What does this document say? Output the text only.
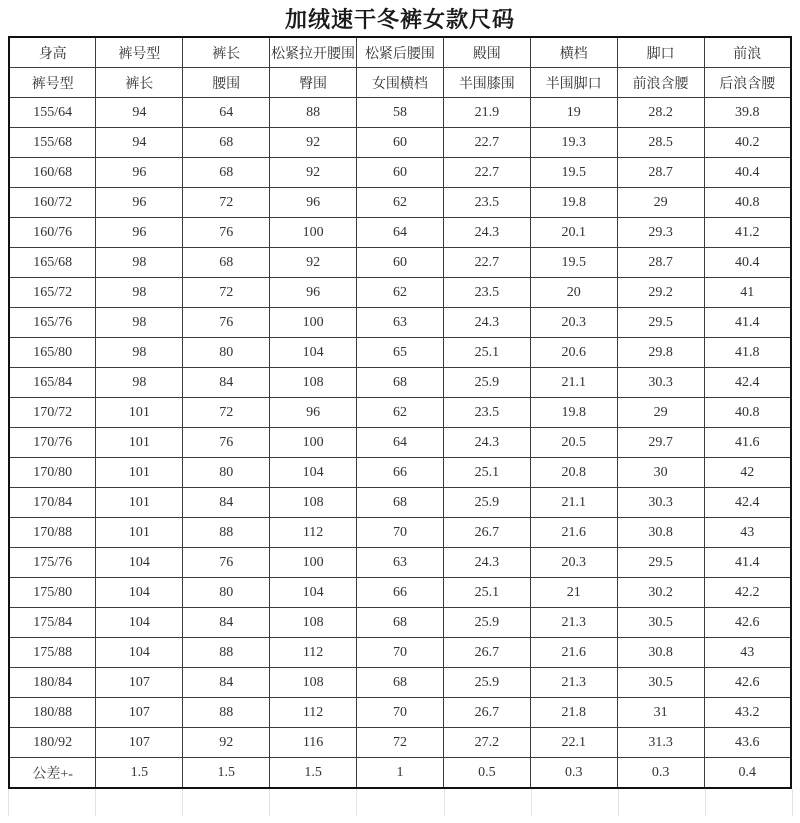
加绒速干冬裤女款尺码
身高	裤号型	裤长	松紧拉开腰围	松紧后腰围	殿围	横档	脚口	前浪
裤号型	裤长	腰围	臀围	女围横档	半围膝围	半围脚口	前浪含腰	后浪含腰
155/64	94	64	88	58	21.9	19	28.2	39.8
155/68	94	68	92	60	22.7	19.3	28.5	40.2
160/68	96	68	92	60	22.7	19.5	28.7	40.4
160/72	96	72	96	62	23.5	19.8	29	40.8
160/76	96	76	100	64	24.3	20.1	29.3	41.2
165/68	98	68	92	60	22.7	19.5	28.7	40.4
165/72	98	72	96	62	23.5	20	29.2	41
165/76	98	76	100	63	24.3	20.3	29.5	41.4
165/80	98	80	104	65	25.1	20.6	29.8	41.8
165/84	98	84	108	68	25.9	21.1	30.3	42.4
170/72	101	72	96	62	23.5	19.8	29	40.8
170/76	101	76	100	64	24.3	20.5	29.7	41.6
170/80	101	80	104	66	25.1	20.8	30	42
170/84	101	84	108	68	25.9	21.1	30.3	42.4
170/88	101	88	112	70	26.7	21.6	30.8	43
175/76	104	76	100	63	24.3	20.3	29.5	41.4
175/80	104	80	104	66	25.1	21	30.2	42.2
175/84	104	84	108	68	25.9	21.3	30.5	42.6
175/88	104	88	112	70	26.7	21.6	30.8	43
180/84	107	84	108	68	25.9	21.3	30.5	42.6
180/88	107	88	112	70	26.7	21.8	31	43.2
180/92	107	92	116	72	27.2	22.1	31.3	43.6
公差+-	1.5	1.5	1.5	1	0.5	0.3	0.3	0.4
